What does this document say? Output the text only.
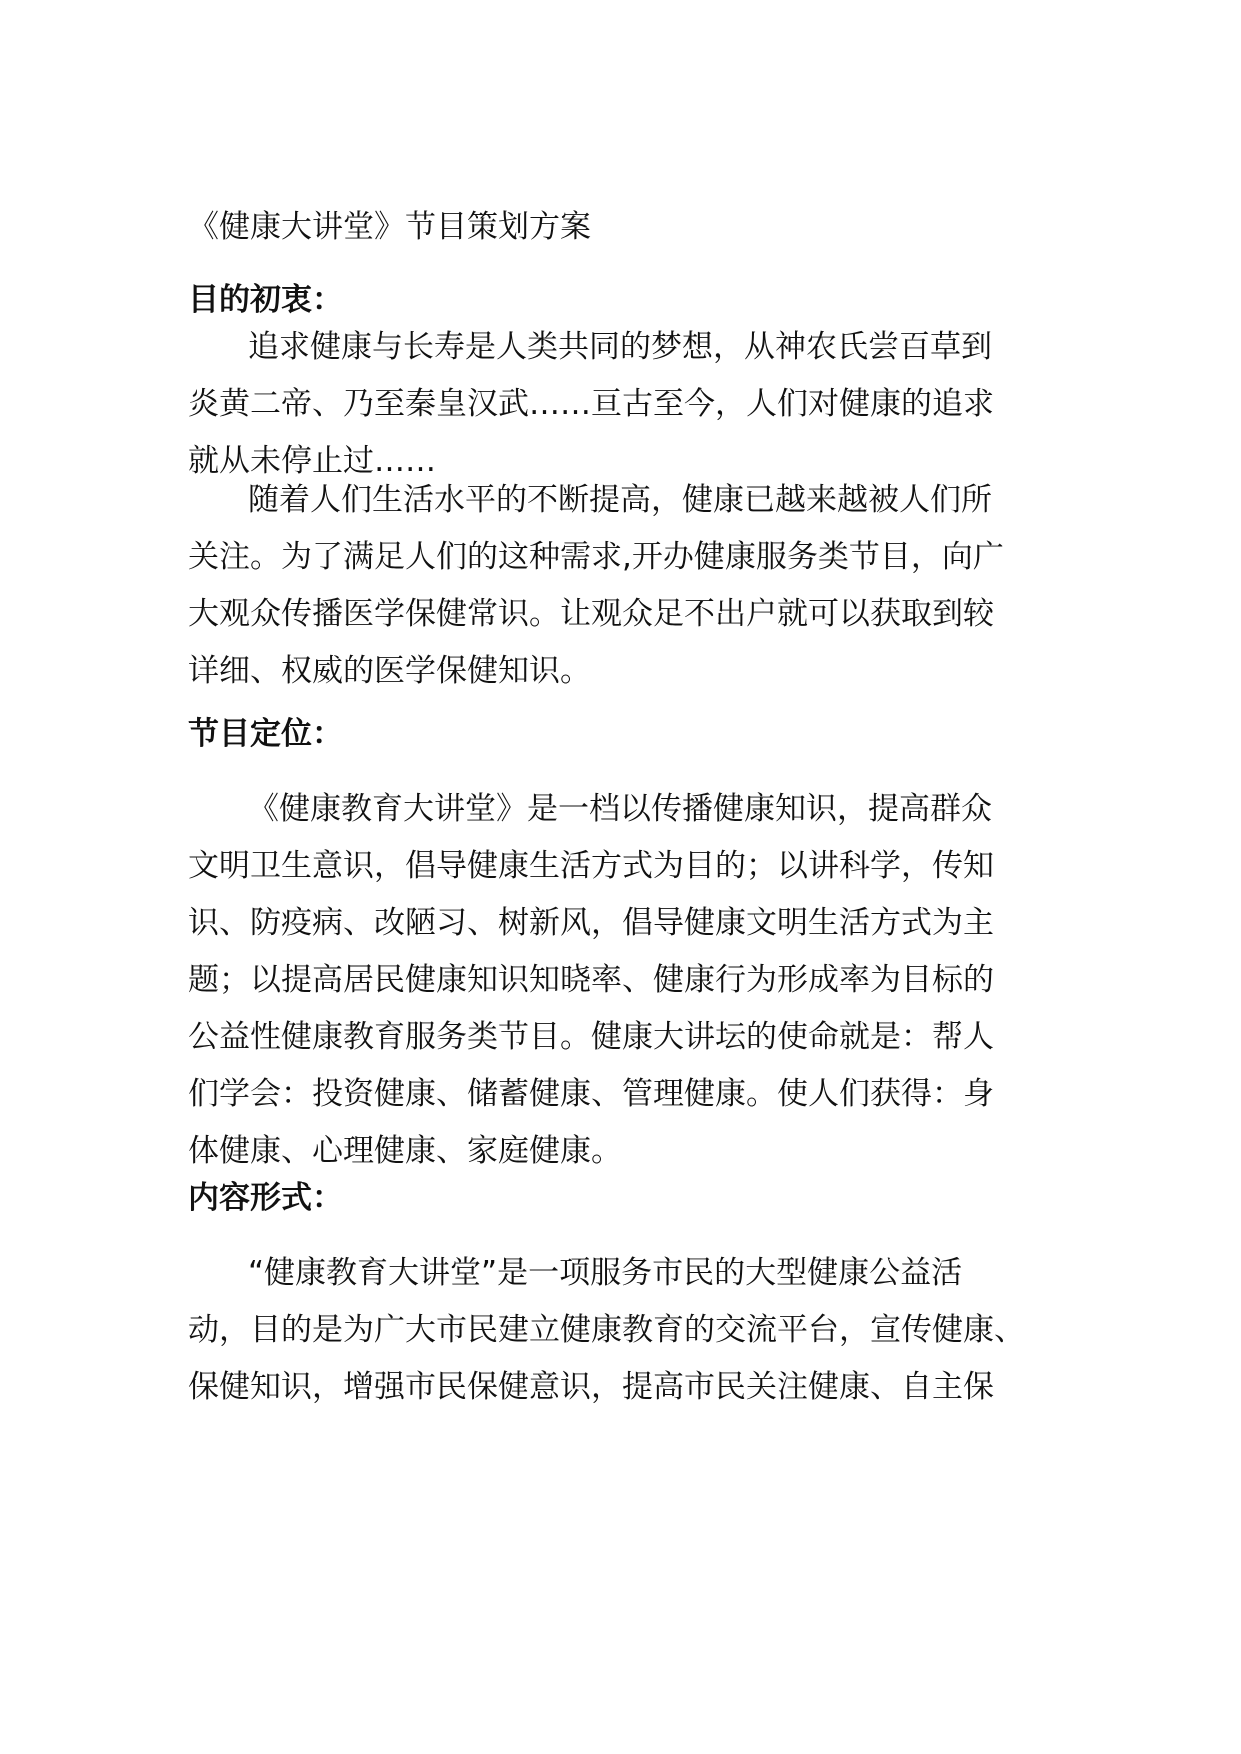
《健康大讲堂》节目策划方案
目的初衷：

追求健康与长寿是人类共同的梦想，从神农氏尝百草到
炎黄二帝、乃至秦皇汉武……亘古至今，人们对健康的追求
就从未停止过……

随着人们生活水平的不断提高，健康已越来越被人们所
关注。为了满足人们的这种需求,开办健康服务类节目，向广
大观众传播医学保健常识。让观众足不出户就可以获取到较
详细、权威的医学保健知识。

节目定位：

《健康教育大讲堂》是一档以传播健康知识，提高群众
文明卫生意识，倡导健康生活方式为目的；以讲科学，传知
识、防疫病、改陋习、树新风，倡导健康文明生活方式为主
题；以提高居民健康知识知晓率、健康行为形成率为目标的
公益性健康教育服务类节目。健康大讲坛的使命就是：帮人
们学会：投资健康、储蓄健康、管理健康。使人们获得：身
体健康、心理健康、家庭健康。

内容形式：

“健康教育大讲堂”是一项服务市民的大型健康公益活
动，目的是为广大市民建立健康教育的交流平台，宣传健康、
保健知识，增强市民保健意识，提高市民关注健康、自主保
